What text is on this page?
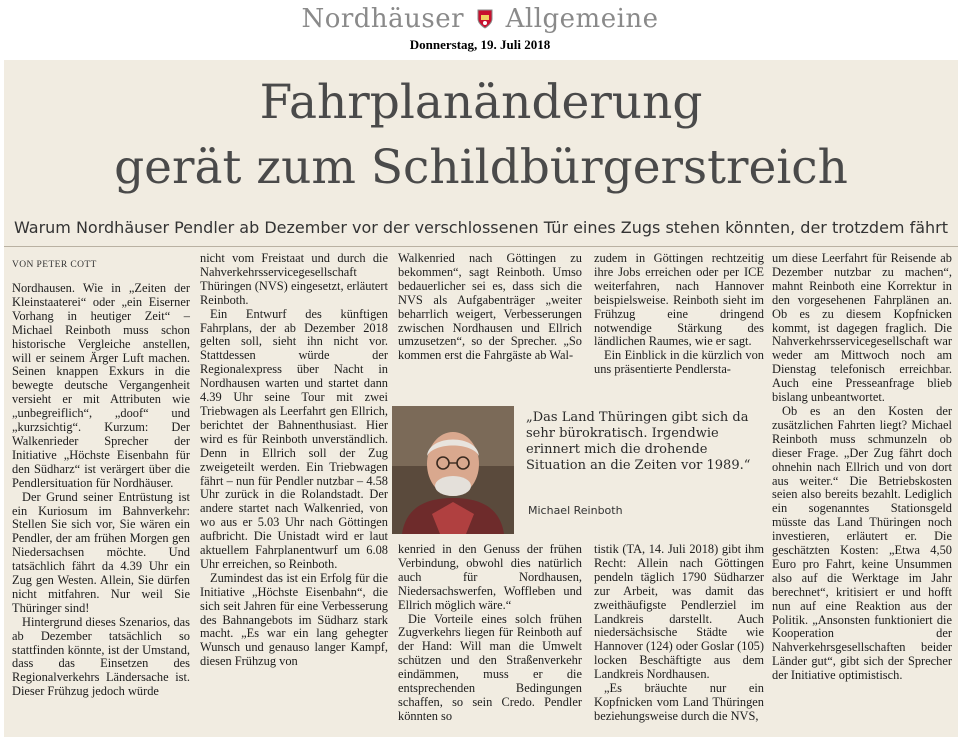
Nordhäuser Allgemeine
Donnerstag, 19. Juli 2018
Fahrplanänderung
gerät zum Schildbürgerstreich
Warum Nordhäuser Pendler ab Dezember vor der verschlossenen Tür eines Zugs stehen könnten, der trotzdem fährt
VON PETER COTT

Nordhausen. Wie in „Zeiten der Kleinstaaterei“ oder „ein Eiserner Vorhang in heutiger Zeit“ – Michael Reinboth muss schon historische Vergleiche anstellen, will er seinem Ärger Luft machen. Seinen knappen Exkurs in die bewegte deutsche Vergangenheit versieht er mit Attributen wie „unbegreiflich“, „doof“ und „kurzsichtig“. Kurzum: Der Walkenrieder Sprecher der Initiative „Höchste Eisenbahn für den Südharz“ ist verärgert über die Pendlersituation für Nordhäuser.

Der Grund seiner Entrüstung ist ein Kuriosum im Bahnverkehr: Stellen Sie sich vor, Sie wären ein Pendler, der am frühen Morgen gen Niedersachsen möchte. Und tatsächlich fährt da 4.39 Uhr ein Zug gen Westen. Allein, Sie dürfen nicht mitfahren. Nur weil Sie Thüringer sind!

Hintergrund dieses Szenarios, das ab Dezember tatsächlich so stattfinden könnte, ist der Umstand, dass das Einsetzen des Regionalverkehrs Ländersache ist. Dieser Frühzug jedoch würde

nicht vom Freistaat und durch die Nahverkehrsservicegesellschaft Thüringen (NVS) eingesetzt, erläutert Reinboth.

Ein Entwurf des künftigen Fahrplans, der ab Dezember 2018 gelten soll, sieht ihn nicht vor. Stattdessen würde der Regionalexpress über Nacht in Nordhausen warten und startet dann 4.39 Uhr seine Tour mit zwei Triebwagen als Leerfahrt gen Ellrich, berichtet der Bahnenthusiast. Hier wird es für Reinboth unverständlich. Denn in Ellrich soll der Zug zweigeteilt werden. Ein Triebwagen fährt – nun für Pendler nutzbar – 4.58 Uhr zurück in die Rolandstadt. Der andere startet nach Walkenried, von wo aus er 5.03 Uhr nach Göttingen aufbricht. Die Unistadt wird er laut aktuellem Fahrplanentwurf um 6.08 Uhr erreichen, so Reinboth.

Zumindest das ist ein Erfolg für die Initiative „Höchste Eisenbahn“, die sich seit Jahren für eine Verbesserung des Bahnangebots im Südharz stark macht. „Es war ein lang gehegter Wunsch und genauso langer Kampf, diesen Frühzug von

Walkenried nach Göttingen zu bekommen“, sagt Reinboth. Umso bedauerlicher sei es, dass sich die NVS als Aufgabenträger „weiter beharrlich weigert, Verbesserungen zwischen Nordhausen und Ellrich umzusetzen“, so der Sprecher. „So kommen erst die Fahrgäste ab Wal-

zudem in Göttingen rechtzeitig ihre Jobs erreichen oder per ICE weiterfahren, nach Hannover beispielsweise. Reinboth sieht im Frühzug eine dringend notwendige Stärkung des ländlichen Raumes, wie er sagt.

Ein Einblick in die kürzlich von uns präsentierte Pendlersta-

„Das Land Thüringen gibt sich da sehr bürokratisch. Irgendwie erinnert mich die drohende Situation an die Zeiten vor 1989.“
Michael Reinboth

kenried in den Genuss der frühen Verbindung, obwohl dies natürlich auch für Nordhausen, Niedersachswerfen, Woffleben und Ellrich möglich wäre.“

Die Vorteile eines solch frühen Zugverkehrs liegen für Reinboth auf der Hand: Will man die Umwelt schützen und den Straßenverkehr eindämmen, muss er die entsprechenden Bedingungen schaffen, so sein Credo. Pendler könnten so

tistik (TA, 14. Juli 2018) gibt ihm Recht: Allein nach Göttingen pendeln täglich 1790 Südharzer zur Arbeit, was damit das zweithäufigste Pendlerziel im Landkreis darstellt. Auch niedersächsische Städte wie Hannover (124) oder Goslar (105) locken Beschäftigte aus dem Landkreis Nordhausen.

„Es bräuchte nur ein Kopfnicken vom Land Thüringen beziehungsweise durch die NVS,

um diese Leerfahrt für Reisende ab Dezember nutzbar zu machen“, mahnt Reinboth eine Korrektur in den vorgesehenen Fahrplänen an. Ob es zu diesem Kopfnicken kommt, ist dagegen fraglich. Die Nahverkehrsservicegesellschaft war weder am Mittwoch noch am Dienstag telefonisch erreichbar. Auch eine Presseanfrage blieb bislang unbeantwortet.

Ob es an den Kosten der zusätzlichen Fahrten liegt? Michael Reinboth muss schmunzeln ob dieser Frage. „Der Zug fährt doch ohnehin nach Ellrich und von dort aus weiter.“ Die Betriebskosten seien also bereits bezahlt. Lediglich ein sogenanntes Stationsgeld müsste das Land Thüringen noch investieren, erläutert er. Die geschätzten Kosten: „Etwa 4,50 Euro pro Fahrt, keine Unsummen also auf die Werktage im Jahr berechnet“, kritisiert er und hofft nun auf eine Reaktion aus der Politik. „Ansonsten funktioniert die Kooperation der Nahverkehrsgesellschaften beider Länder gut“, gibt sich der Sprecher der Initiative optimistisch.
